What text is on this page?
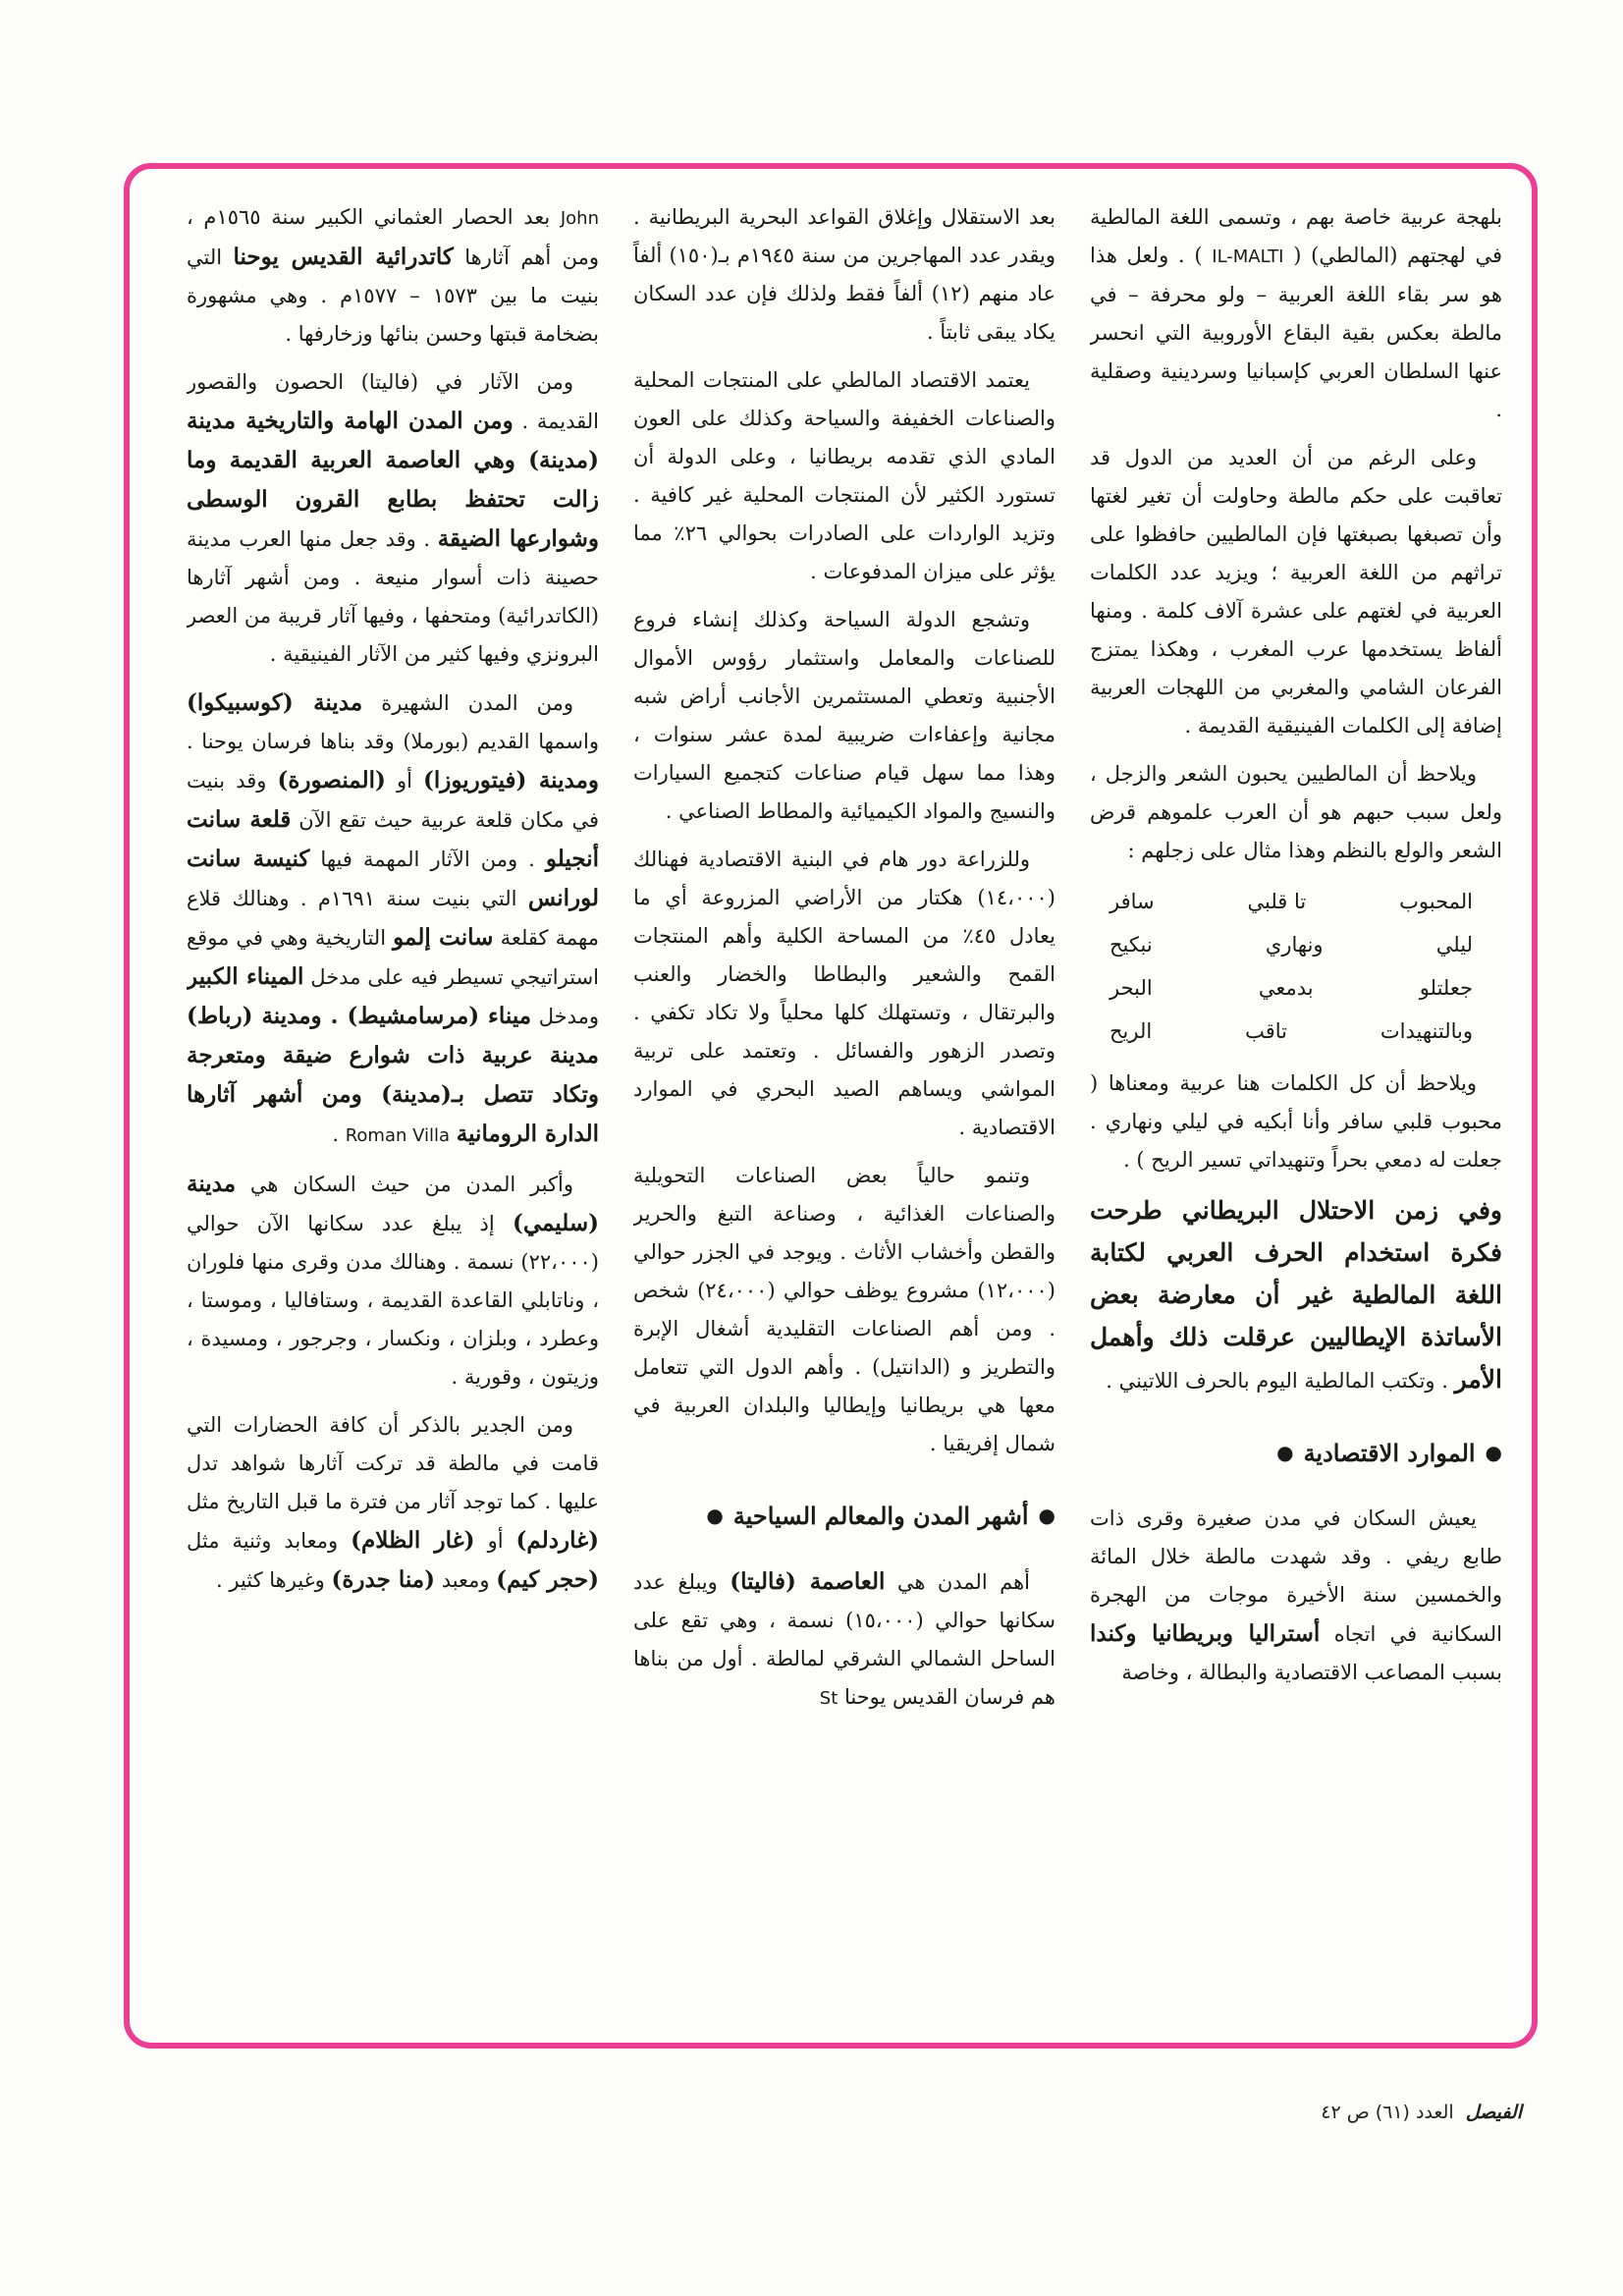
بلهجة عربية خاصة بهم ، وتسمى اللغة المالطية في لهجتهم (المالطي) ( IL-MALTI ) . ولعل هذا هو سر بقاء اللغة العربية – ولو محرفة – في مالطة بعكس بقية البقاع الأوروبية التي انحسر عنها السلطان العربي كإسبانيا وسردينية وصقلية .

وعلى الرغم من أن العديد من الدول قد تعاقبت على حكم مالطة وحاولت أن تغير لغتها وأن تصبغها بصبغتها فإن المالطيين حافظوا على تراثهم من اللغة العربية ؛ ويزيد عدد الكلمات العربية في لغتهم على عشرة آلاف كلمة . ومنها ألفاظ يستخدمها عرب المغرب ، وهكذا يمتزج الفرعان الشامي والمغربي من اللهجات العربية إضافة إلى الكلمات الفينيقية القديمة .

ويلاحظ أن المالطيين يحبون الشعر والزجل ، ولعل سبب حبهم هو أن العرب علموهم قرض الشعر والولع بالنظم وهذا مثال على زجلهم :

المحبوب
تا قلبي
سافر
ليلي
ونهاري
نبكيح
جعلتلو
بدمعي
البحر
وبالتنهيدات
تاقب
الريح

ويلاحظ أن كل الكلمات هنا عربية ومعناها ( محبوب قلبي سافر وأنا أبكيه في ليلي ونهاري . جعلت له دمعي بحراً وتنهيداتي تسير الريح ) .

وفي زمن الاحتلال البريطاني طرحت فكرة استخدام الحرف العربي لكتابة اللغة المالطية غير أن معارضة بعض الأساتذة الإيطاليين عرقلت ذلك وأهمل الأمر . وتكتب المالطية اليوم بالحرف اللاتيني .

●
الموارد الاقتصادية
●

يعيش السكان في مدن صغيرة وقرى ذات طابع ريفي . وقد شهدت مالطة خلال المائة والخمسين سنة الأخيرة موجات من الهجرة السكانية في اتجاه أستراليا وبريطانيا وكندا بسبب المصاعب الاقتصادية والبطالة ، وخاصة

بعد الاستقلال وإغلاق القواعد البحرية البريطانية . ويقدر عدد المهاجرين من سنة ١٩٤٥م بـ(١٥٠) ألفاً عاد منهم (١٢) ألفاً فقط ولذلك فإن عدد السكان يكاد يبقى ثابتاً .

يعتمد الاقتصاد المالطي على المنتجات المحلية والصناعات الخفيفة والسياحة وكذلك على العون المادي الذي تقدمه بريطانيا ، وعلى الدولة أن تستورد الكثير لأن المنتجات المحلية غير كافية . وتزيد الواردات على الصادرات بحوالي ٢٦٪ مما يؤثر على ميزان المدفوعات .

وتشجع الدولة السياحة وكذلك إنشاء فروع للصناعات والمعامل واستثمار رؤوس الأموال الأجنبية وتعطي المستثمرين الأجانب أراض شبه مجانية وإعفاءات ضريبية لمدة عشر سنوات ، وهذا مما سهل قيام صناعات كتجميع السيارات والنسيج والمواد الكيميائية والمطاط الصناعي .

وللزراعة دور هام في البنية الاقتصادية فهنالك (١٤،٠٠٠) هكتار من الأراضي المزروعة أي ما يعادل ٤٥٪ من المساحة الكلية وأهم المنتجات القمح والشعير والبطاطا والخضار والعنب والبرتقال ، وتستهلك كلها محلياً ولا تكاد تكفي . وتصدر الزهور والفسائل . وتعتمد على تربية المواشي ويساهم الصيد البحري في الموارد الاقتصادية .

وتنمو حالياً بعض الصناعات التحويلية والصناعات الغذائية ، وصناعة التبغ والحرير والقطن وأخشاب الأثاث . ويوجد في الجزر حوالي (١٢،٠٠٠) مشروع يوظف حوالي (٢٤،٠٠٠) شخص . ومن أهم الصناعات التقليدية أشغال الإبرة والتطريز و (الدانتيل) . وأهم الدول التي تتعامل معها هي بريطانيا وإيطاليا والبلدان العربية في شمال إفريقيا .

●
أشهر المدن والمعالم السياحية
●

أهم المدن هي العاصمة (فاليتا) ويبلغ عدد سكانها حوالي (١٥،٠٠٠) نسمة ، وهي تقع على الساحل الشمالي الشرقي لمالطة . أول من بناها هم فرسان القديس يوحنا St

John بعد الحصار العثماني الكبير سنة ١٥٦٥م ، ومن أهم آثارها كاتدرائية القديس يوحنا التي بنيت ما بين ١٥٧٣ – ١٥٧٧م . وهي مشهورة بضخامة قبتها وحسن بنائها وزخارفها .

ومن الآثار في (فاليتا) الحصون والقصور القديمة . ومن المدن الهامة والتاريخية مدينة (مدينة) وهي العاصمة العربية القديمة وما زالت تحتفظ بطابع القرون الوسطى وشوارعها الضيقة . وقد جعل منها العرب مدينة حصينة ذات أسوار منيعة . ومن أشهر آثارها (الكاتدرائية) ومتحفها ، وفيها آثار قريبة من العصر البرونزي وفيها كثير من الآثار الفينيقية .

ومن المدن الشهيرة مدينة (كوسبيكوا) واسمها القديم (بورملا) وقد بناها فرسان يوحنا . ومدينة (فيتوريوزا) أو (المنصورة) وقد بنيت في مكان قلعة عربية حيث تقع الآن قلعة سانت أنجيلو . ومن الآثار المهمة فيها كنيسة سانت لورانس التي بنيت سنة ١٦٩١م . وهنالك قلاع مهمة كقلعة سانت إلمو التاريخية وهي في موقع استراتيجي تسيطر فيه على مدخل الميناء الكبير ومدخل ميناء (مرسامشيط) . ومدينة (رباط) مدينة عربية ذات شوارع ضيقة ومتعرجة وتكاد تتصل بـ(مدينة) ومن أشهر آثارها الدارة الرومانية Roman Villa .

وأكبر المدن من حيث السكان هي مدينة (سليمي) إذ يبلغ عدد سكانها الآن حوالي (٢٢،٠٠٠) نسمة . وهنالك مدن وقرى منها فلوران ، وناتابلي القاعدة القديمة ، وستافاليا ، وموستا ، وعطرد ، وبلزان ، ونكسار ، وجرجور ، ومسيدة ، وزيتون ، وقورية .

ومن الجدير بالذكر أن كافة الحضارات التي قامت في مالطة قد تركت آثارها شواهد تدل عليها . كما توجد آثار من فترة ما قبل التاريخ مثل (غاردلم) أو (غار الظلام) ومعابد وثنية مثل (حجر كيم) ومعبد (منا جدرة) وغيرها كثير .

الفيصل العدد (٦١) ص ٤٢
